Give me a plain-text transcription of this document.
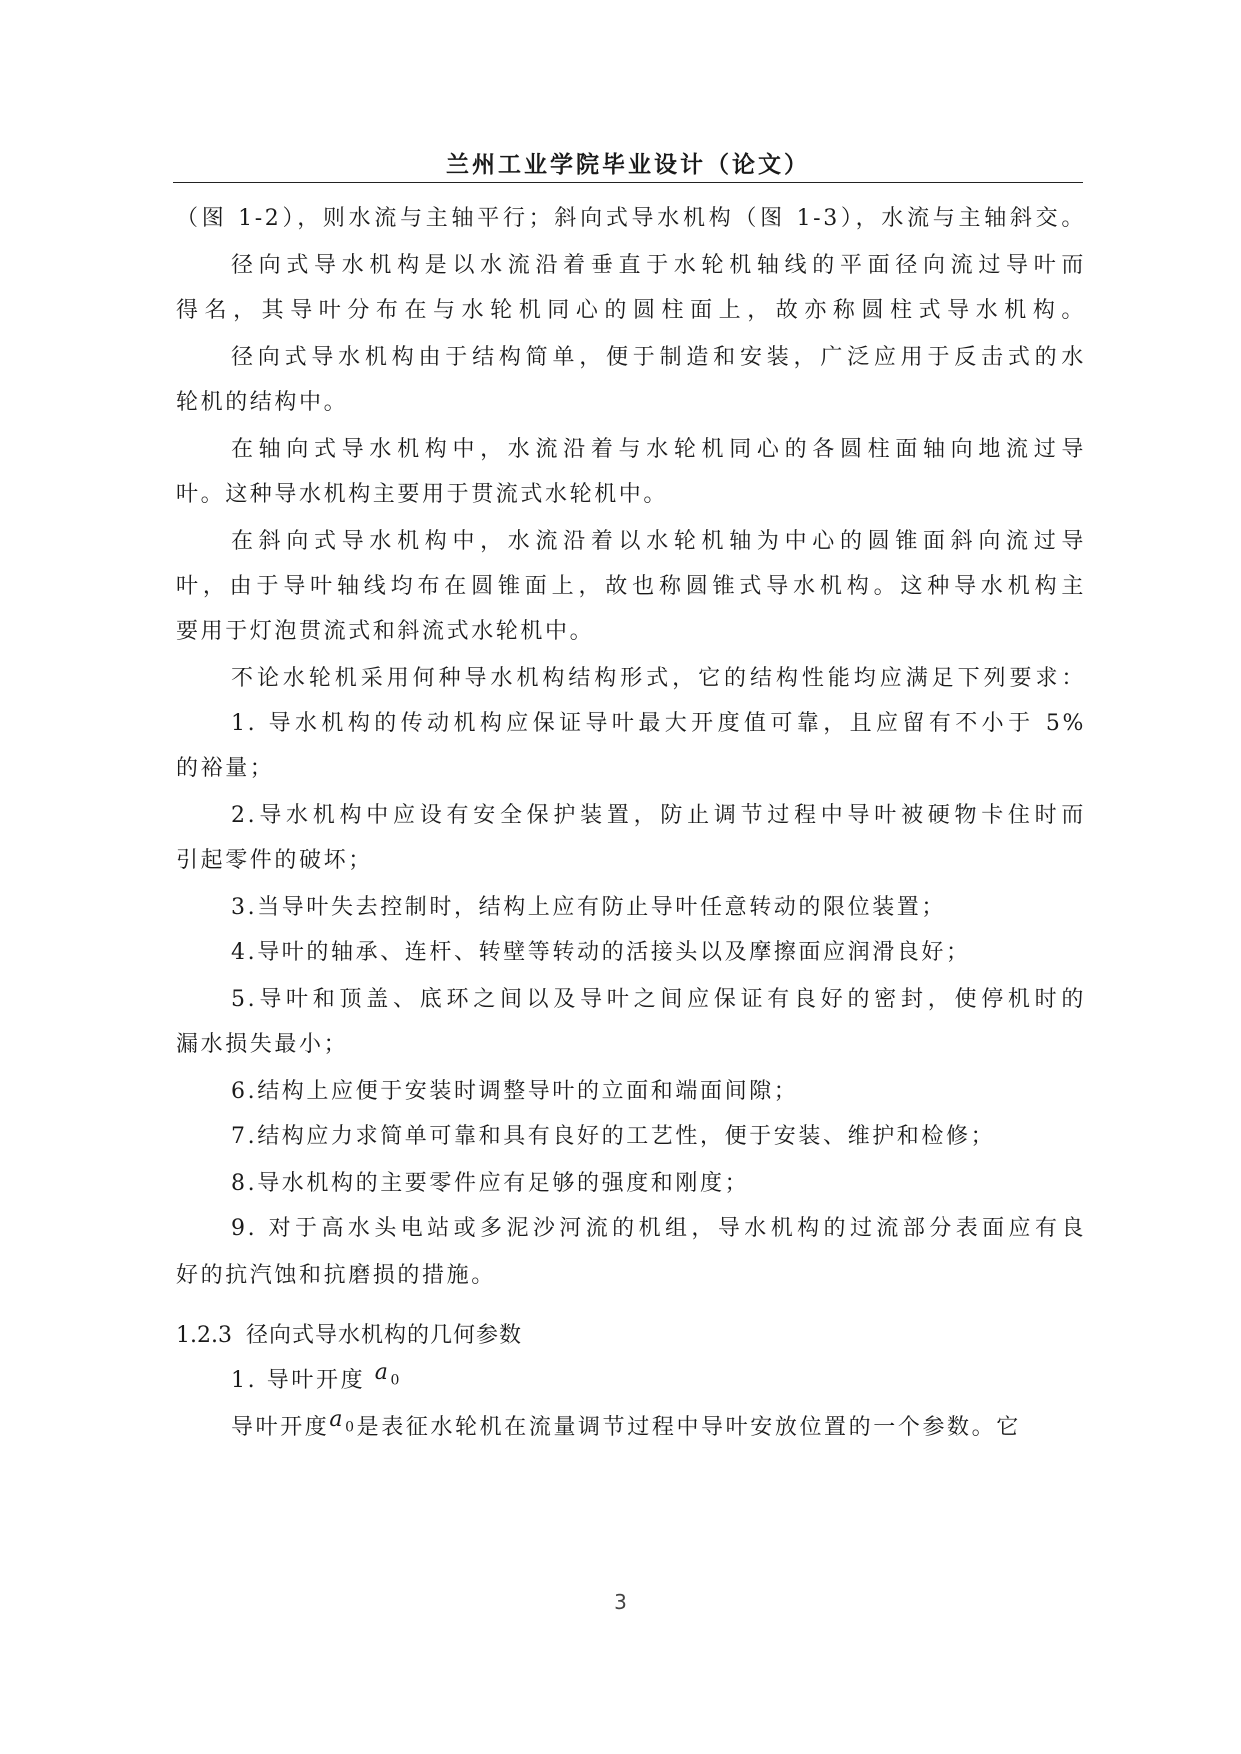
兰州工业学院毕业设计（论文）
（图 1-2），则水流与主轴平行；斜向式导水机构（图 1-3），水流与主轴斜交。
径向式导水机构是以水流沿着垂直于水轮机轴线的平面径向流过导叶而
得名，其导叶分布在与水轮机同心的圆柱面上，故亦称圆柱式导水机构。
径向式导水机构由于结构简单，便于制造和安装，广泛应用于反击式的水
轮机的结构中。
在轴向式导水机构中，水流沿着与水轮机同心的各圆柱面轴向地流过导
叶。这种导水机构主要用于贯流式水轮机中。
在斜向式导水机构中，水流沿着以水轮机轴为中心的圆锥面斜向流过导
叶，由于导叶轴线均布在圆锥面上，故也称圆锥式导水机构。这种导水机构主
要用于灯泡贯流式和斜流式水轮机中。
不论水轮机采用何种导水机构结构形式，它的结构性能均应满足下列要求：
1. 导水机构的传动机构应保证导叶最大开度值可靠，且应留有不小于 5%
的裕量；
2.导水机构中应设有安全保护装置，防止调节过程中导叶被硬物卡住时而
引起零件的破坏；
3.当导叶失去控制时，结构上应有防止导叶任意转动的限位装置；
4.导叶的轴承、连杆、转壁等转动的活接头以及摩擦面应润滑良好；
5.导叶和顶盖、底环之间以及导叶之间应保证有良好的密封，使停机时的
漏水损失最小；
6.结构上应便于安装时调整导叶的立面和端面间隙；
7.结构应力求简单可靠和具有良好的工艺性，便于安装、维护和检修；
8.导水机构的主要零件应有足够的强度和刚度；
9. 对于高水头电站或多泥沙河流的机组，导水机构的过流部分表面应有良
好的抗汽蚀和抗磨损的措施。
1.2.3 径向式导水机构的几何参数
1. 导叶开度 $a_0$
导叶开度$a_0$是表征水轮机在流量调节过程中导叶安放位置的一个参数。它
3
